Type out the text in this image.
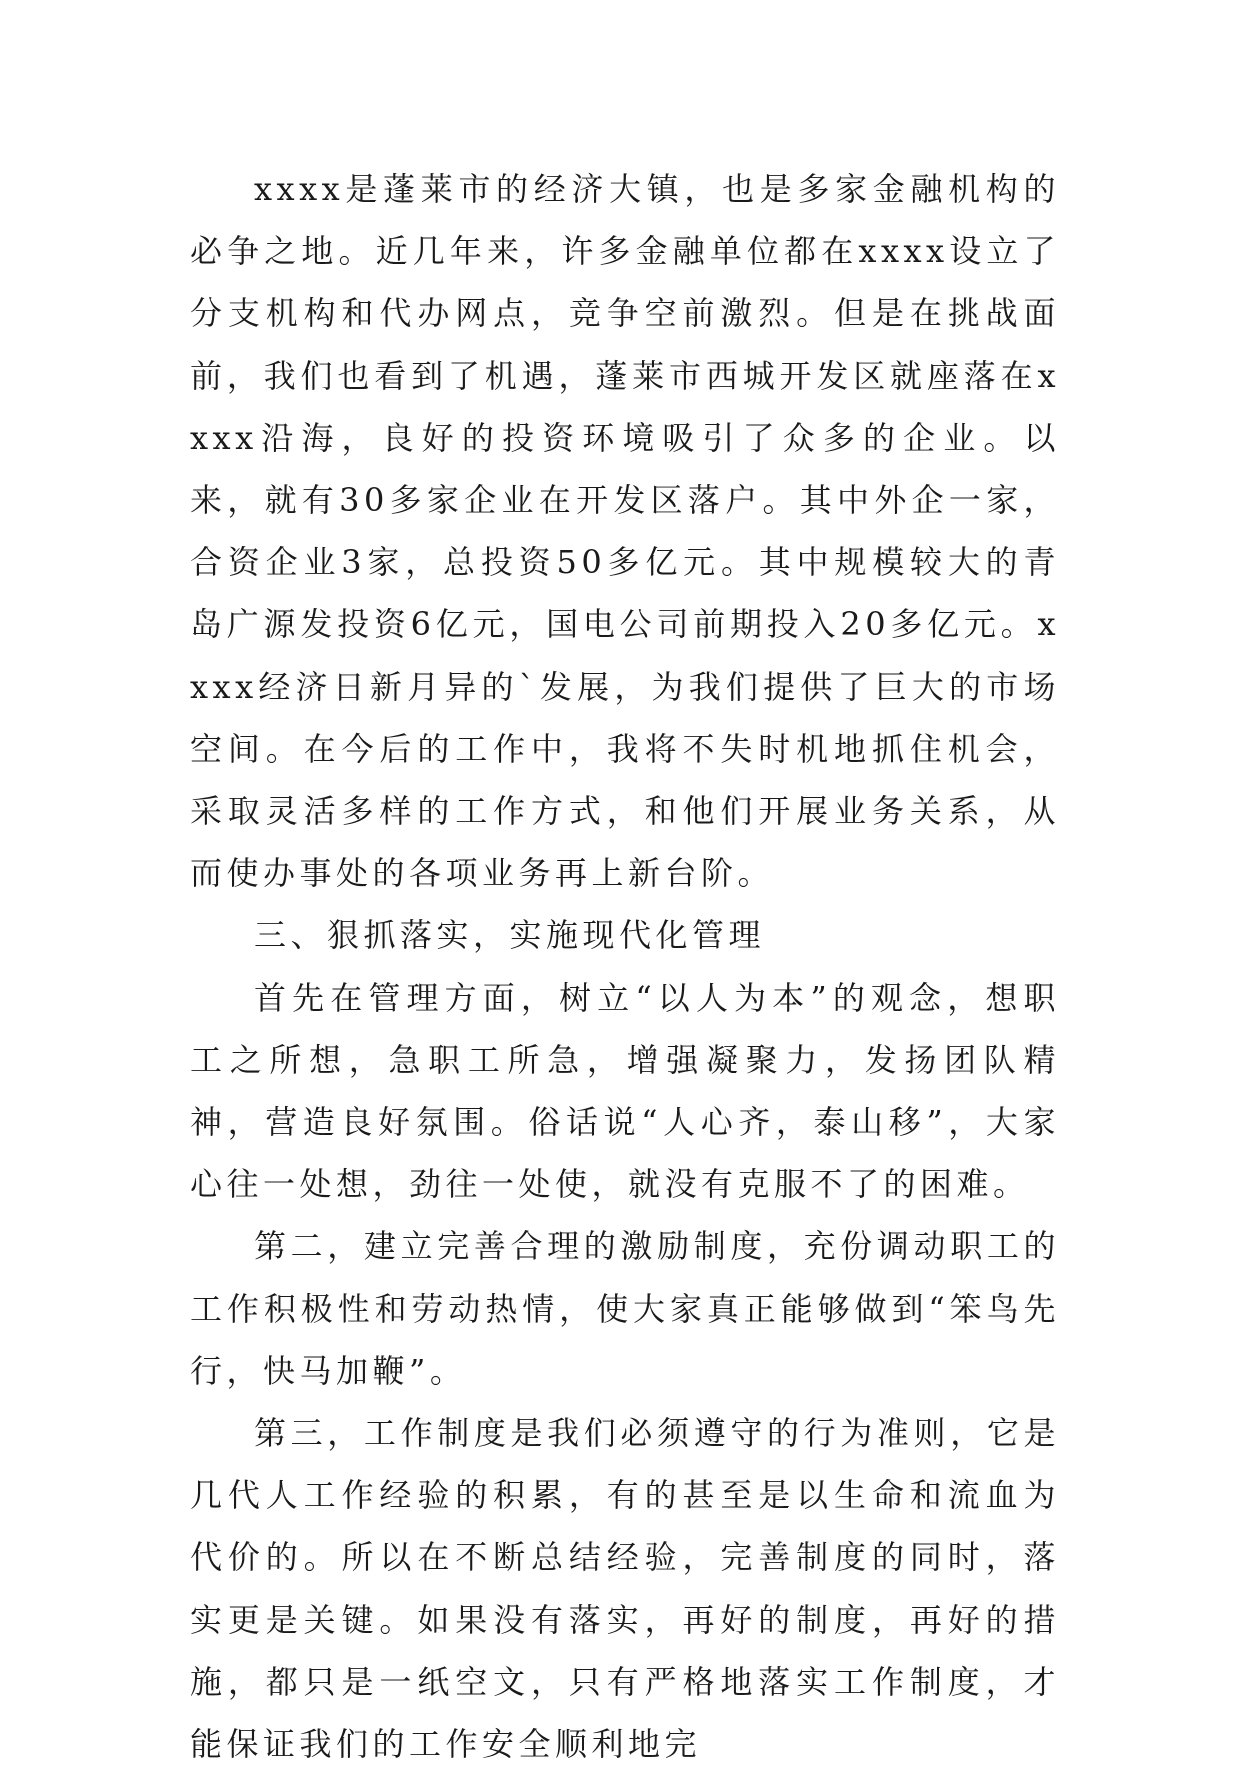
xxxx是蓬莱市的经济大镇，也是多家金融机构的必争之地。近几年来，许多金融单位都在xxxx设立了分支机构和代办网点，竞争空前激烈。但是在挑战面前，我们也看到了机遇，蓬莱市西城开发区就座落在xxxx沿海，良好的投资环境吸引了众多的企业。以来，就有30多家企业在开发区落户。其中外企一家，合资企业3家，总投资50多亿元。其中规模较大的青岛广源发投资6亿元，国电公司前期投入20多亿元。xxxx经济日新月异的`发展，为我们提供了巨大的市场空间。在今后的工作中，我将不失时机地抓住机会，采取灵活多样的工作方式，和他们开展业务关系，从而使办事处的各项业务再上新台阶。

三、狠抓落实，实施现代化管理

首先在管理方面，树立“以人为本”的观念，想职工之所想，急职工所急，增强凝聚力，发扬团队精神，营造良好氛围。俗话说“人心齐，泰山移”，大家心往一处想，劲往一处使，就没有克服不了的困难。

第二，建立完善合理的激励制度，充份调动职工的工作积极性和劳动热情，使大家真正能够做到“笨鸟先行，快马加鞭”。

第三，工作制度是我们必须遵守的行为准则，它是几代人工作经验的积累，有的甚至是以生命和流血为代价的。所以在不断总结经验，完善制度的同时，落实更是关键。如果没有落实，再好的制度，再好的措施，都只是一纸空文，只有严格地落实工作制度，才能保证我们的工作安全顺利地完
